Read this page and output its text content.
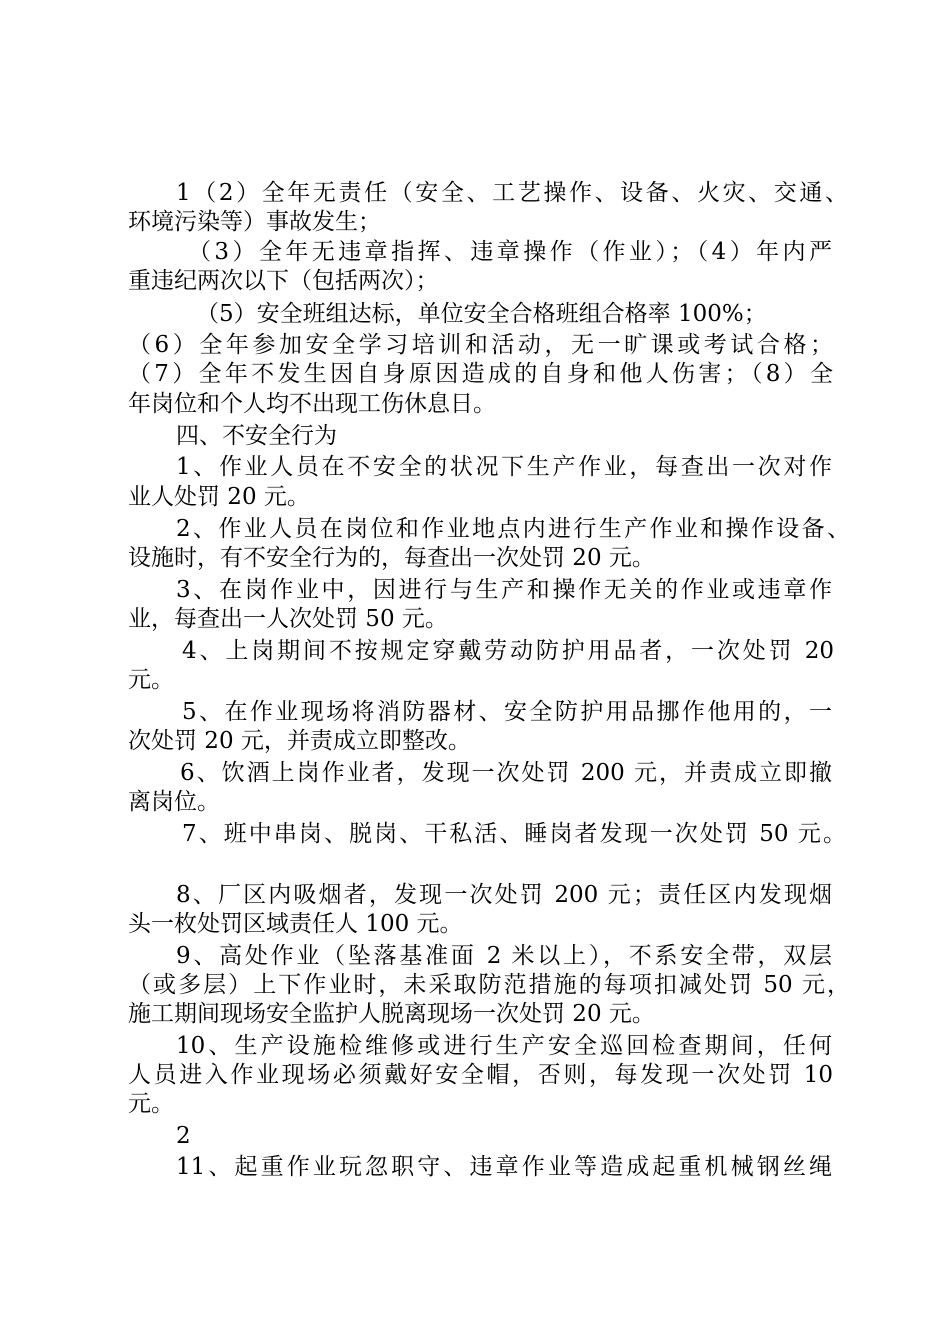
1（2）全年无责任（安全、工艺操作、设备、火灾、交通、
环境污染等）事故发生；
（3）全年无违章指挥、违章操作（作业）；（4）年内严
重违纪两次以下（包括两次）；
（5）安全班组达标，单位安全合格班组合格率 100%；
（6）全年参加安全学习培训和活动，无一旷课或考试合格；
（7）全年不发生因自身原因造成的自身和他人伤害；（8）全
年岗位和个人均不出现工伤休息日。
四、不安全行为
1、作业人员在不安全的状况下生产作业，每查出一次对作
业人处罚 20 元。
2、作业人员在岗位和作业地点内进行生产作业和操作设备、
设施时，有不安全行为的，每查出一次处罚 20 元。
3、在岗作业中，因进行与生产和操作无关的作业或违章作
业，每查出一人次处罚 50 元。
4、上岗期间不按规定穿戴劳动防护用品者，一次处罚 20
元。
5、在作业现场将消防器材、安全防护用品挪作他用的，一
次处罚 20 元，并责成立即整改。
6、饮酒上岗作业者，发现一次处罚 200 元，并责成立即撤
离岗位。
7、班中串岗、脱岗、干私活、睡岗者发现一次处罚 50 元。
8、厂区内吸烟者，发现一次处罚 200 元；责任区内发现烟
头一枚处罚区域责任人 100 元。
9、高处作业（坠落基准面 2 米以上），不系安全带，双层
（或多层）上下作业时，未采取防范措施的每项扣减处罚 50 元，
施工期间现场安全监护人脱离现场一次处罚 20 元。
10、生产设施检维修或进行生产安全巡回检查期间，任何
人员进入作业现场必须戴好安全帽，否则，每发现一次处罚 10
元。
2
11、起重作业玩忽职守、违章作业等造成起重机械钢丝绳
